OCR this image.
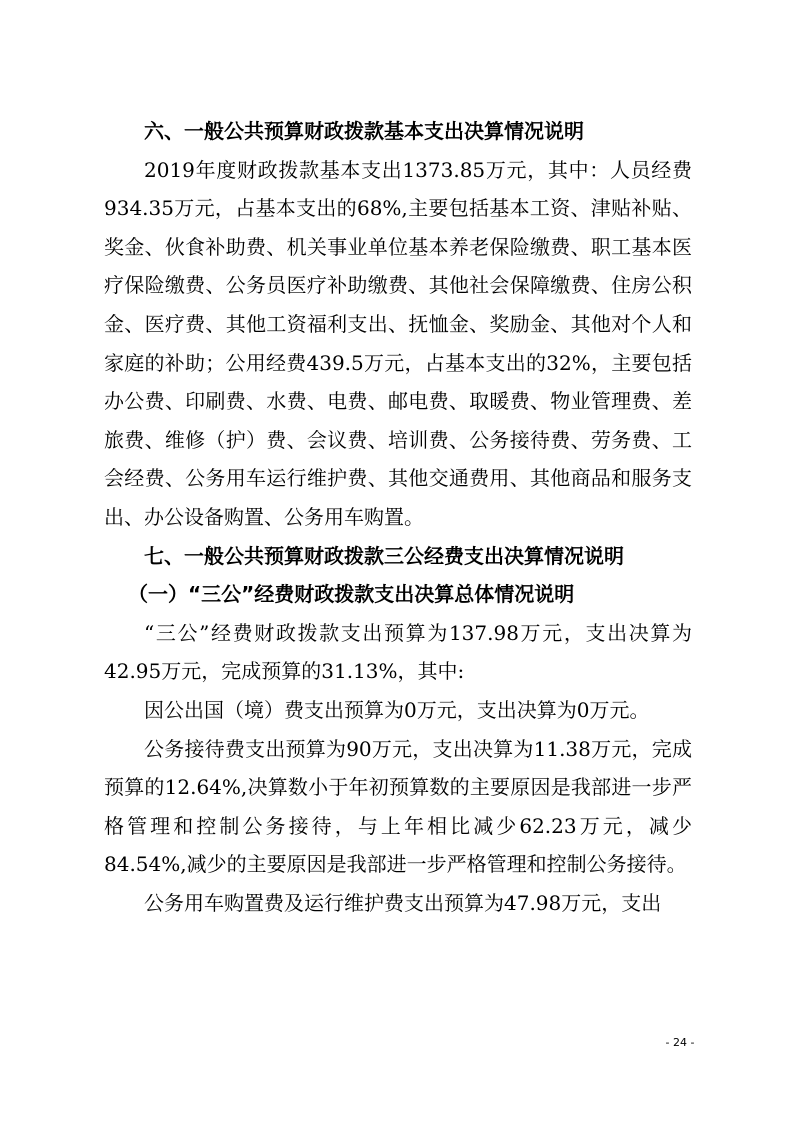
六、一般公共预算财政拨款基本支出决算情况说明

2019年度财政拨款基本支出1373.85万元，其中：人员经费934.35万元，占基本支出的68%,主要包括基本工资、津贴补贴、奖金、伙食补助费、机关事业单位基本养老保险缴费、职工基本医疗保险缴费、公务员医疗补助缴费、其他社会保障缴费、住房公积金、医疗费、其他工资福利支出、抚恤金、奖励金、其他对个人和家庭的补助；公用经费439.5万元，占基本支出的32%，主要包括办公费、印刷费、水费、电费、邮电费、取暖费、物业管理费、差旅费、维修（护）费、会议费、培训费、公务接待费、劳务费、工会经费、公务用车运行维护费、其他交通费用、其他商品和服务支出、办公设备购置、公务用车购置。

七、一般公共预算财政拨款三公经费支出决算情况说明

（一）“三公”经费财政拨款支出决算总体情况说明

“三公”经费财政拨款支出预算为137.98万元，支出决算为42.95万元，完成预算的31.13%，其中:

因公出国（境）费支出预算为0万元，支出决算为0万元。

公务接待费支出预算为90万元，支出决算为11.38万元，完成预算的12.64%,决算数小于年初预算数的主要原因是我部进一步严格管理和控制公务接待，与上年相比减少62.23万元，减少84.54%,减少的主要原因是我部进一步严格管理和控制公务接待。

公务用车购置费及运行维护费支出预算为47.98万元，支出

- 24 -
